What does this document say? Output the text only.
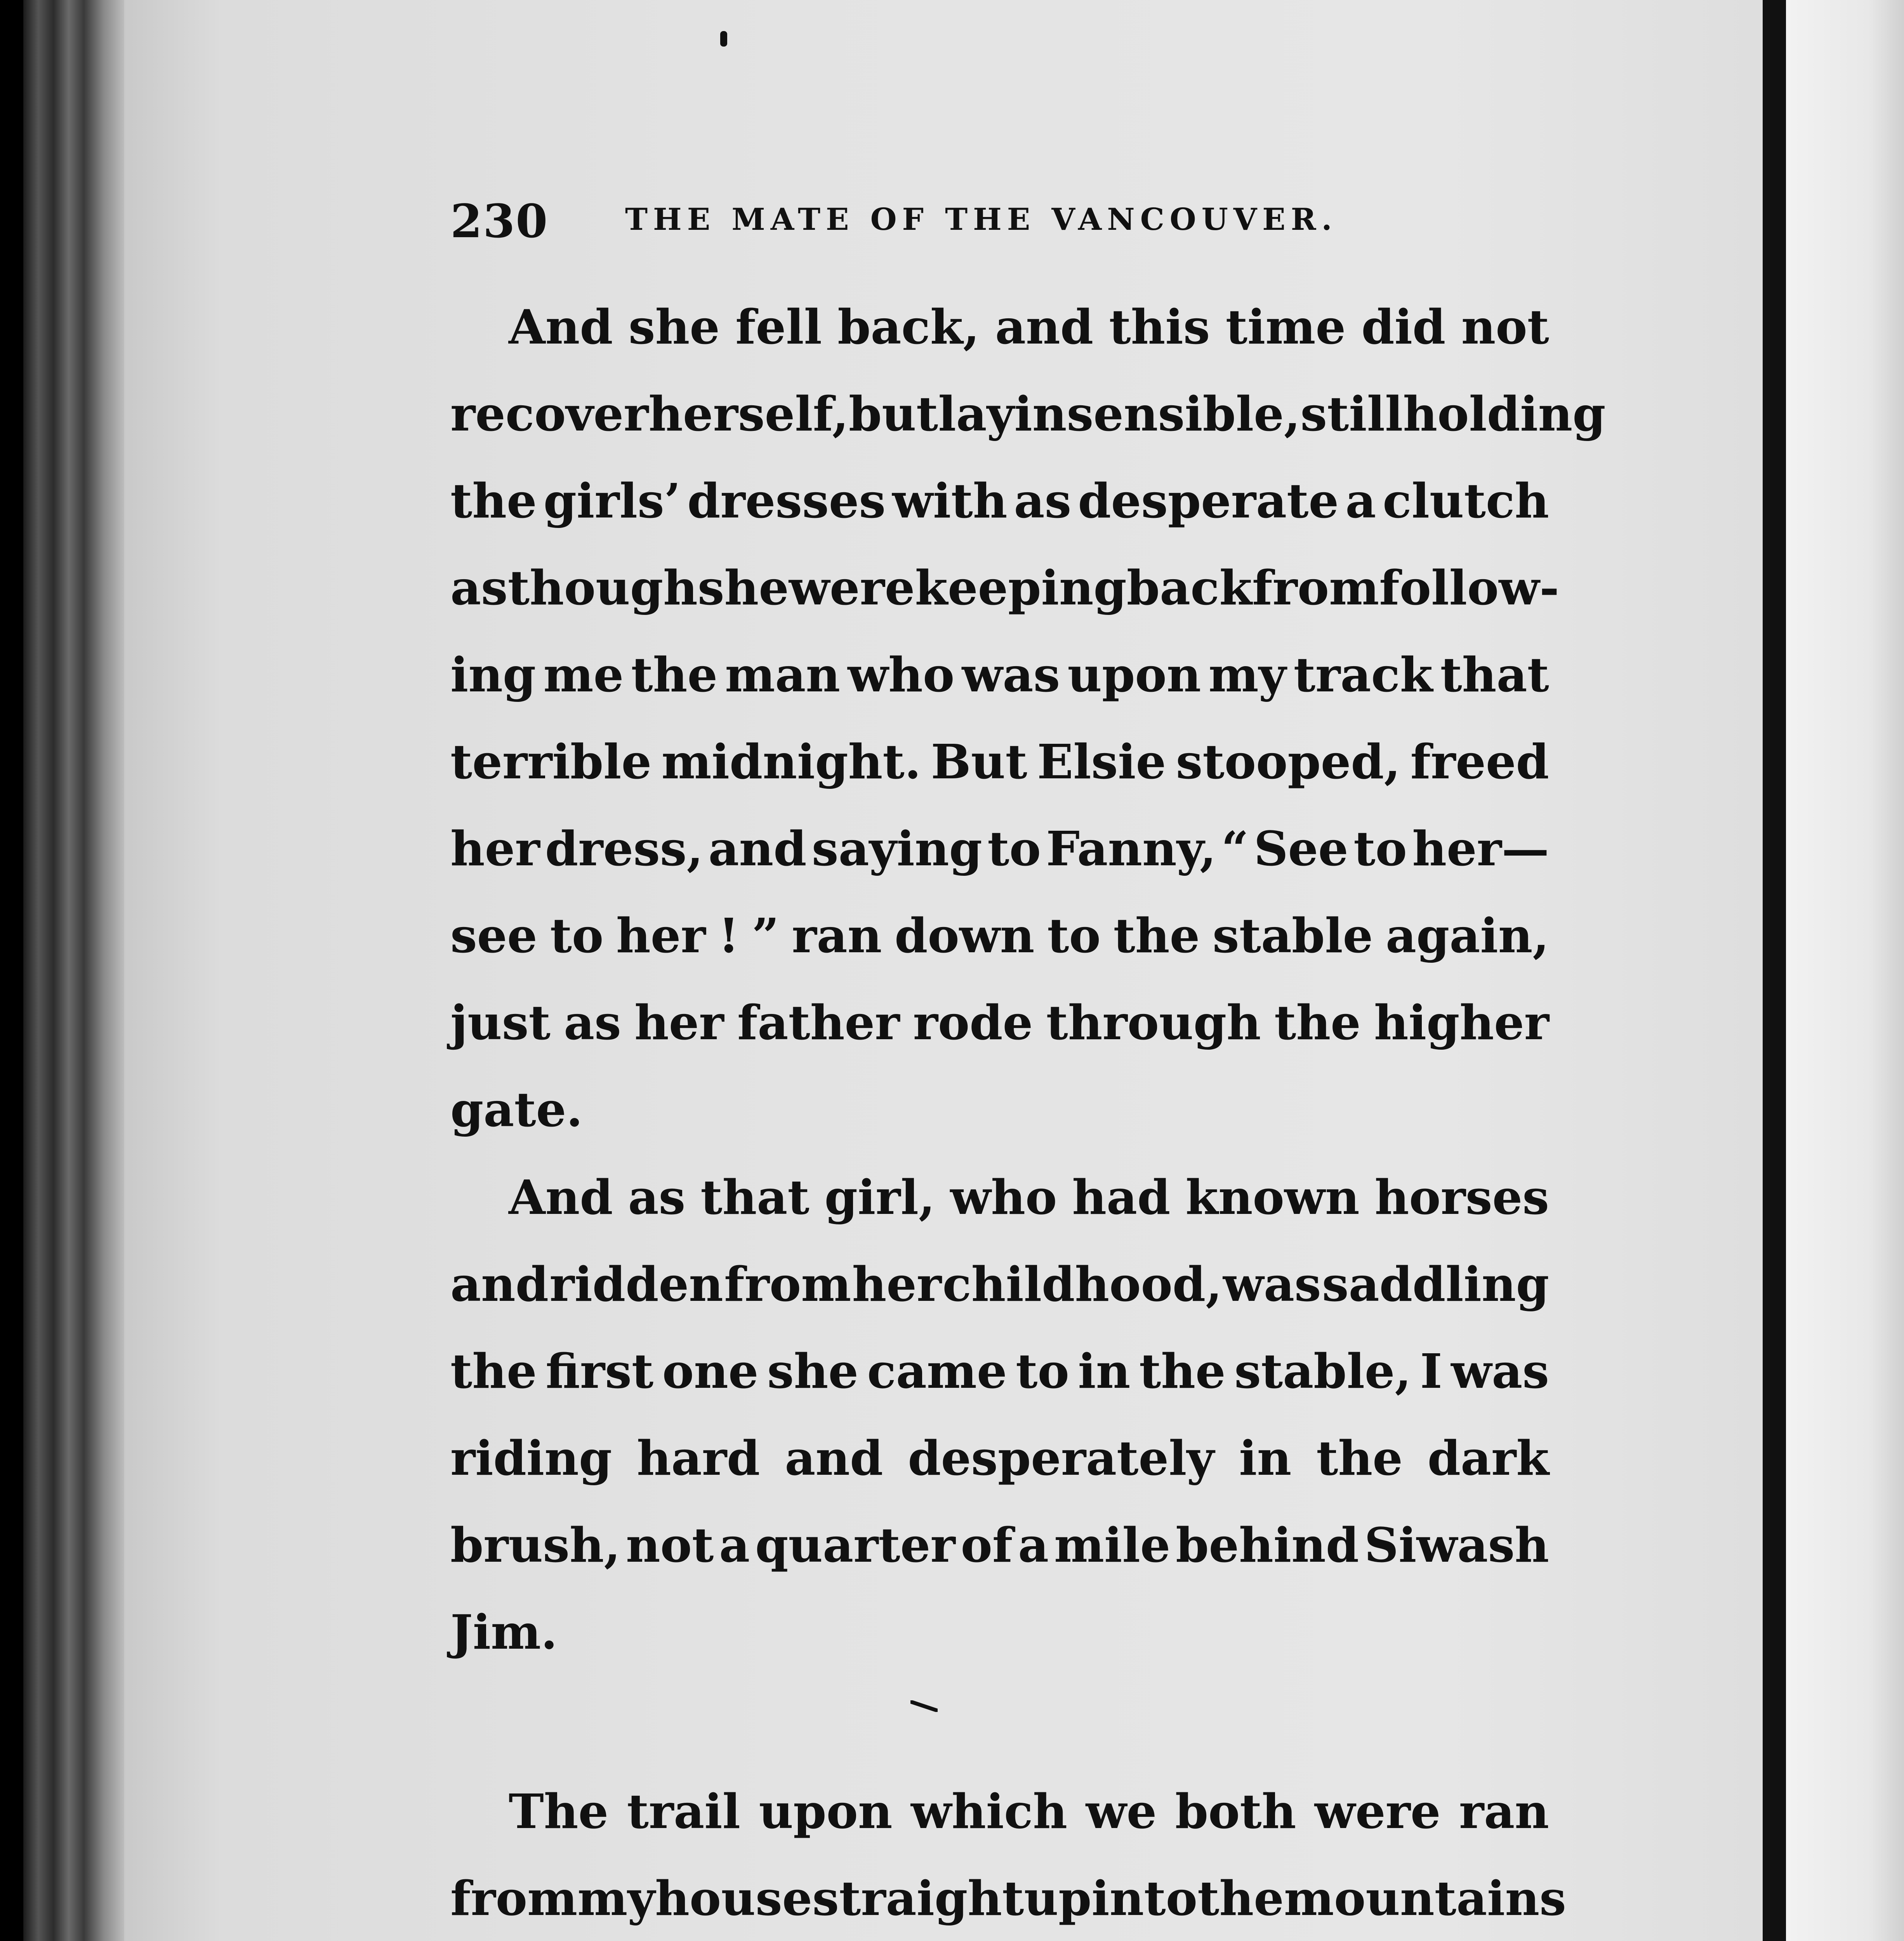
230	THE MATE OF THE VANCOUVER.
And she fell back, and this time did not
recover herself, but lay insensible, still holding
the girls’ dresses with as desperate a clutch
as though she were keeping back from follow-
ing me the man who was upon my track that
terrible midnight. But Elsie stooped, freed
her dress, and saying to Fanny, “ See to her—
see to her ! ” ran down to the stable again,
just as her father rode through the higher
gate.
And as that girl, who had known horses
and ridden from her childhood, was saddling
the first one she came to in the stable, I was
riding hard and desperately in the dark
brush, not a quarter of a mile behind Siwash
Jim.
The trail upon which we both were ran
from my house straight up into the mountains
